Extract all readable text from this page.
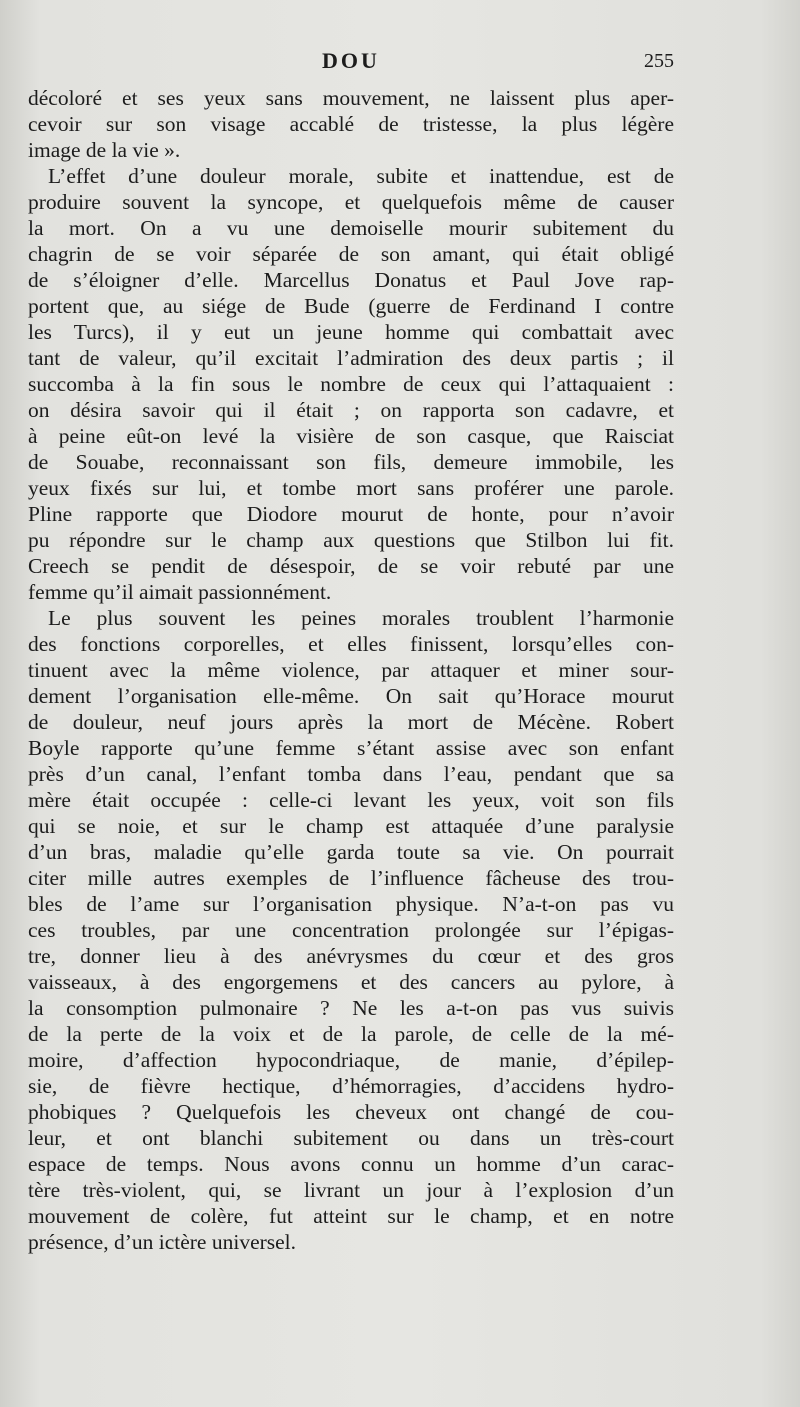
DOU	255
décoloré et ses yeux sans mouvement, ne laissent plus aper-
cevoir sur son visage accablé de tristesse, la plus légère
image de la vie ».
L’effet d’une douleur morale, subite et inattendue, est de
produire souvent la syncope, et quelquefois même de causer
la mort. On a vu une demoiselle mourir subitement du
chagrin de se voir séparée de son amant, qui était obligé
de s’éloigner d’elle. Marcellus Donatus et Paul Jove rap-
portent que, au siége de Bude (guerre de Ferdinand I contre
les Turcs), il y eut un jeune homme qui combattait avec
tant de valeur, qu’il excitait l’admiration des deux partis ; il
succomba à la fin sous le nombre de ceux qui l’attaquaient :
on désira savoir qui il était ; on rapporta son cadavre, et
à peine eût-on levé la visière de son casque, que Raisciat
de Souabe, reconnaissant son fils, demeure immobile, les
yeux fixés sur lui, et tombe mort sans proférer une parole.
Pline rapporte que Diodore mourut de honte, pour n’avoir
pu répondre sur le champ aux questions que Stilbon lui fit.
Creech se pendit de désespoir, de se voir rebuté par une
femme qu’il aimait passionnément.
Le plus souvent les peines morales troublent l’harmonie
des fonctions corporelles, et elles finissent, lorsqu’elles con-
tinuent avec la même violence, par attaquer et miner sour-
dement l’organisation elle-même. On sait qu’Horace mourut
de douleur, neuf jours après la mort de Mécène. Robert
Boyle rapporte qu’une femme s’étant assise avec son enfant
près d’un canal, l’enfant tomba dans l’eau, pendant que sa
mère était occupée : celle-ci levant les yeux, voit son fils
qui se noie, et sur le champ est attaquée d’une paralysie
d’un bras, maladie qu’elle garda toute sa vie. On pourrait
citer mille autres exemples de l’influence fâcheuse des trou-
bles de l’ame sur l’organisation physique. N’a-t-on pas vu
ces troubles, par une concentration prolongée sur l’épigas-
tre, donner lieu à des anévrysmes du cœur et des gros
vaisseaux, à des engorgemens et des cancers au pylore, à
la consomption pulmonaire ? Ne les a-t-on pas vus suivis
de la perte de la voix et de la parole, de celle de la mé-
moire, d’affection hypocondriaque, de manie, d’épilep-
sie, de fièvre hectique, d’hémorragies, d’accidens hydro-
phobiques ? Quelquefois les cheveux ont changé de cou-
leur, et ont blanchi subitement ou dans un très-court
espace de temps. Nous avons connu un homme d’un carac-
tère très-violent, qui, se livrant un jour à l’explosion d’un
mouvement de colère, fut atteint sur le champ, et en notre
présence, d’un ictère universel.
